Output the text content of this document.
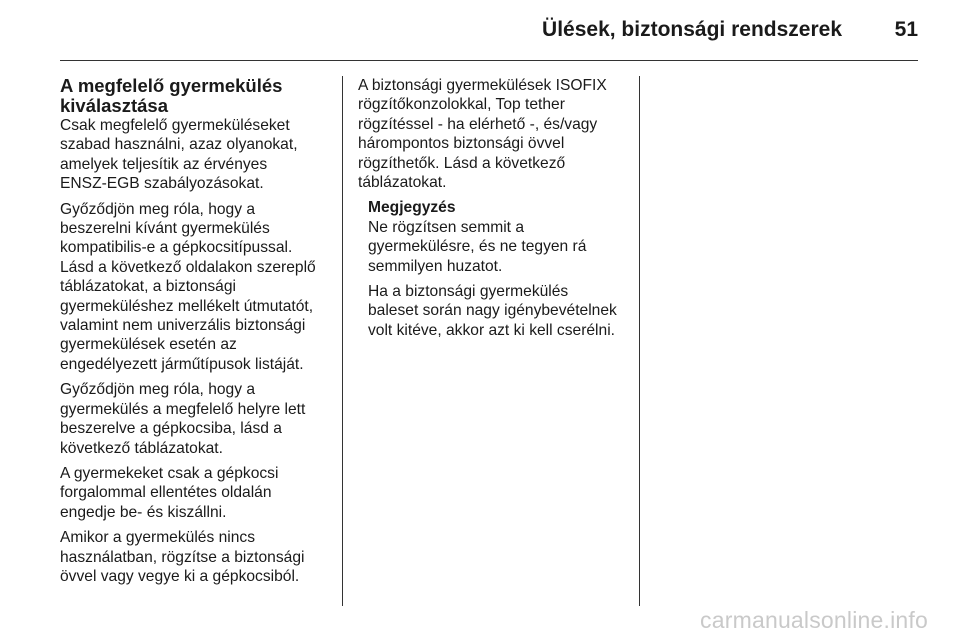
Ülések, biztonsági rendszerek	51
A megfelelő gyermekülés
kiválasztása

Csak megfelelő gyermeküléseket
szabad használni, azaz olyanokat,
amelyek teljesítik az érvényes
ENSZ-EGB szabályozásokat.

Győződjön meg róla, hogy a
beszerelni kívánt gyermekülés
kompatibilis-e a gépkocsitípussal.
Lásd a következő oldalakon szereplő
táblázatokat, a biztonsági
gyermeküléshez mellékelt útmutatót,
valamint nem univerzális biztonsági
gyermekülések esetén az
engedélyezett járműtípusok listáját.

Győződjön meg róla, hogy a
gyermekülés a megfelelő helyre lett
beszerelve a gépkocsiba, lásd a
következő táblázatokat.

A gyermekeket csak a gépkocsi
forgalommal ellentétes oldalán
engedje be- és kiszállni.

Amikor a gyermekülés nincs
használatban, rögzítse a biztonsági
övvel vagy vegye ki a gépkocsiból.

A biztonsági gyermekülések ISOFIX
rögzítőkonzolokkal, Top tether
rögzítéssel - ha elérhető -, és/vagy
hárompontos biztonsági övvel
rögzíthetők. Lásd a következő
táblázatokat.

Megjegyzés
Ne rögzítsen semmit a
gyermekülésre, és ne tegyen rá
semmilyen huzatot.

Ha a biztonsági gyermekülés
baleset során nagy igénybevételnek
volt kitéve, akkor azt ki kell cserélni.

carmanualsonline.info
